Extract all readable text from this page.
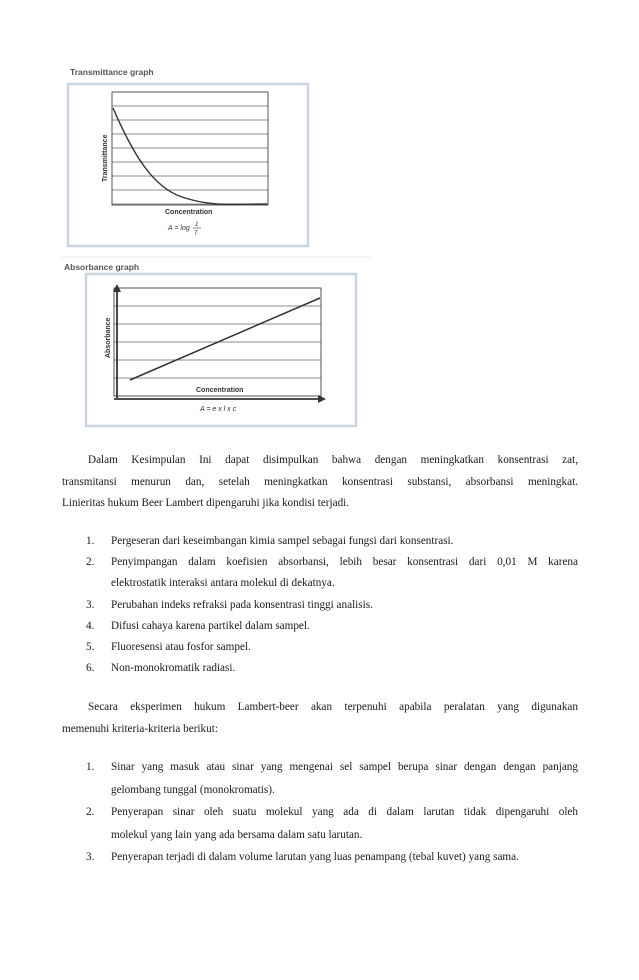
Transmittance graph
Transmittance
Concentration
A = log 1
T
Absorbance graph
Absorbance
Concentration
A = e x l x c

Dalam Kesimpulan Ini dapat disimpulkan bahwa dengan meningkatkan konsentrasi zat,
transmitansi menurun dan, setelah meningkatkan konsentrasi substansi, absorbansi meningkat.
Linieritas hukum Beer Lambert dipengaruhi jika kondisi terjadi.

1. Pergeseran dari keseimbangan kimia sampel sebagai fungsi dari konsentrasi.
2. Penyimpangan dalam koefisien absorbansi, lebih besar konsentrasi dari 0,01 M karena
elektrostatik interaksi antara molekul di dekatnya.
3. Perubahan indeks refraksi pada konsentrasi tinggi analisis.
4. Difusi cahaya karena partikel dalam sampel.
5. Fluoresensi atau fosfor sampel.
6. Non-monokromatik radiasi.

Secara eksperimen hukum Lambert-beer akan terpenuhi apabila peralatan yang digunakan
memenuhi kriteria-kriteria berikut:

1. Sinar yang masuk atau sinar yang mengenai sel sampel berupa sinar dengan dengan panjang
gelombang tunggal (monokromatis).
2. Penyerapan sinar oleh suatu molekul yang ada di dalam larutan tidak dipengaruhi oleh
molekul yang lain yang ada bersama dalam satu larutan.
3. Penyerapan terjadi di dalam volume larutan yang luas penampang (tebal kuvet) yang sama.
